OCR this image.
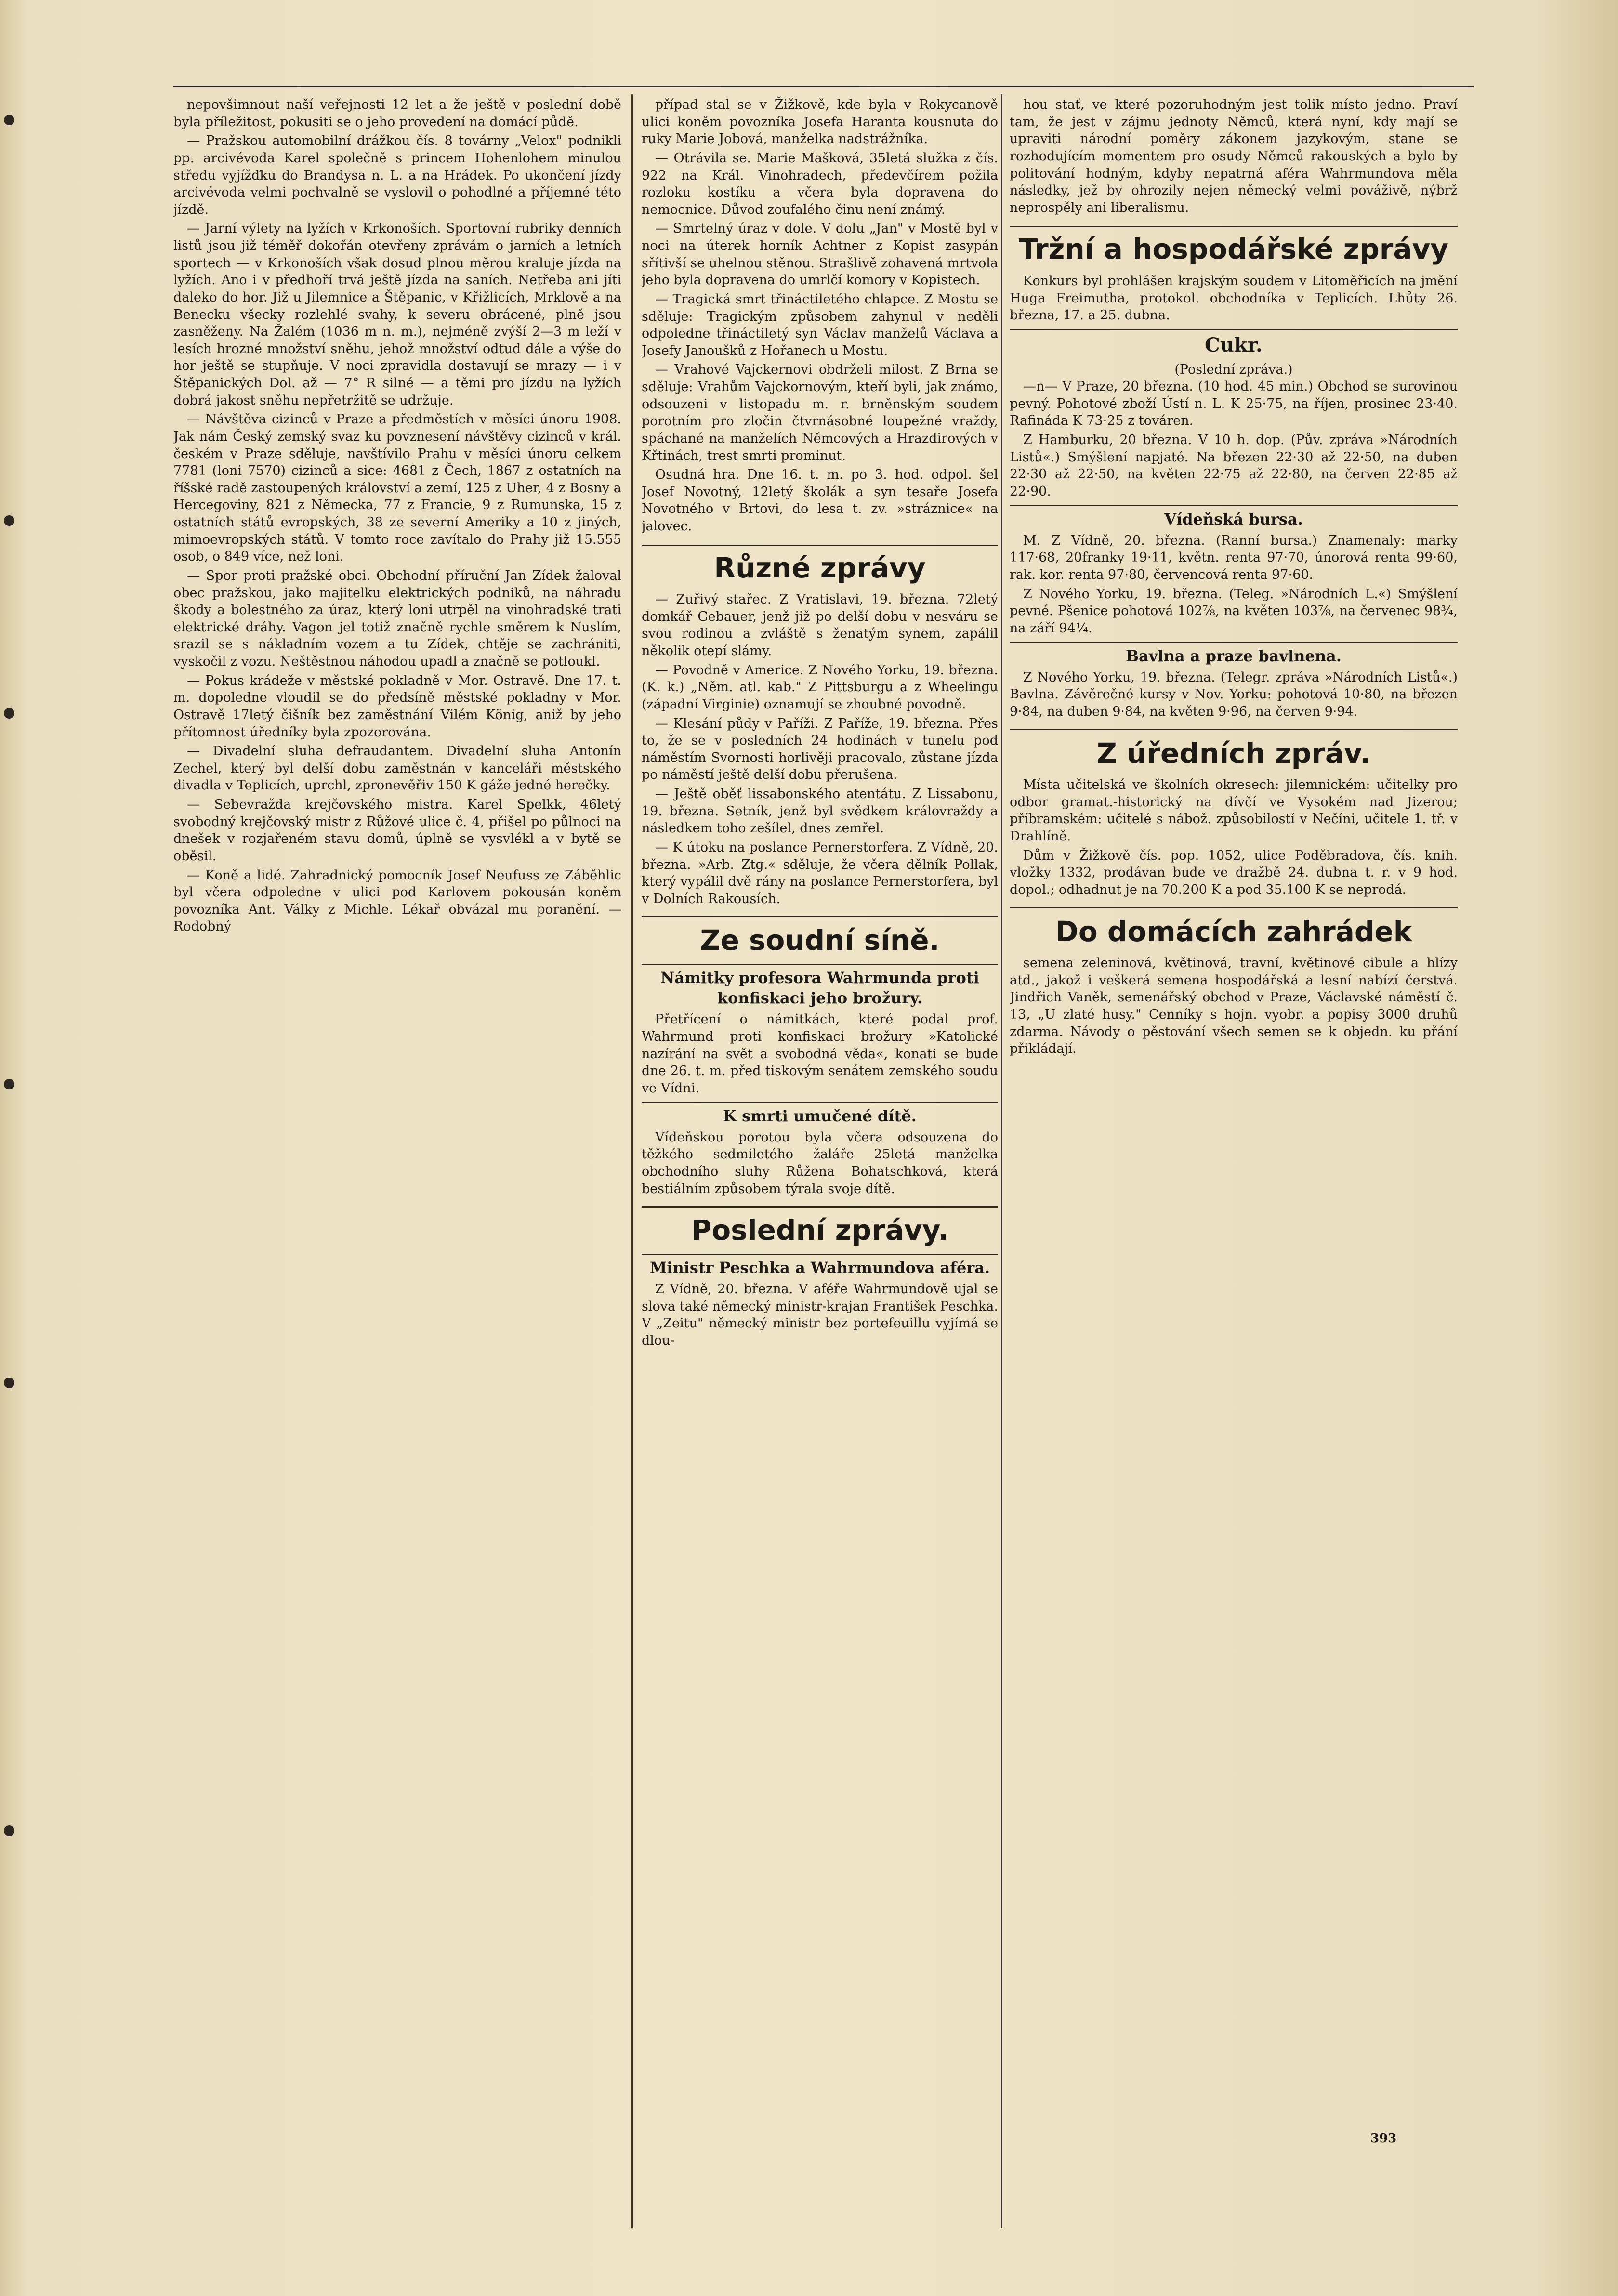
nepovšimnout naší veřejnosti 12 let a že ještě v poslední době byla příležitost, pokusiti se o jeho provedení na domácí půdě.

— Pražskou automobilní drážkou čís. 8 továrny „Velox" podnikli pp. arcivévoda Karel společně s princem Hohenlohem minulou středu vyjížďku do Brandysa n. L. a na Hrádek. Po ukončení jízdy arcivévoda velmi pochvalně se vyslovil o pohodlné a příjemné této jízdě.

— Jarní výlety na lyžích v Krkonoších. Sportovní rubriky denních listů jsou již téměř dokořán otevřeny zprávám o jarních a letních sportech — v Krkonoších však dosud plnou měrou kraluje jízda na lyžích. Ano i v předhoří trvá ještě jízda na saních. Netřeba ani jíti daleko do hor. Již u Jilemnice a Štěpanic, v Křižlicích, Mrklově a na Benecku všecky rozlehlé svahy, k severu obrácené, plně jsou zasněženy. Na Žalém (1036 m n. m.), nejméně zvýší 2—3 m leží v lesích hrozné množství sněhu, jehož množství odtud dále a výše do hor ještě se stupňuje. V noci zpravidla dostavují se mrazy — i v Štěpanických Dol. až — 7° R silné — a těmi pro jízdu na lyžích dobrá jakost sněhu nepřetržitě se udržuje.

— Návštěva cizinců v Praze a předměstích v měsíci únoru 1908. Jak nám Český zemský svaz ku povznesení návštěvy cizinců v král. českém v Praze sděluje, navštívilo Prahu v měsíci únoru celkem 7781 (loni 7570) cizinců a sice: 4681 z Čech, 1867 z ostatních na říšské radě zastoupených království a zemí, 125 z Uher, 4 z Bosny a Hercegoviny, 821 z Německa, 77 z Francie, 9 z Rumunska, 15 z ostatních států evropských, 38 ze severní Ameriky a 10 z jiných, mimoevropských států. V tomto roce zavítalo do Prahy již 15.555 osob, o 849 více, než loni.

— Spor proti pražské obci. Obchodní příruční Jan Zídek žaloval obec pražskou, jako majitelku elektrických podniků, na náhradu škody a bolestného za úraz, který loni utrpěl na vinohradské trati elektrické dráhy. Vagon jel totiž značně rychle směrem k Nuslím, srazil se s nákladním vozem a tu Zídek, chtěje se zachrániti, vyskočil z vozu. Neštěstnou náhodou upadl a značně se potloukl.

— Pokus krádeže v městské pokladně v Mor. Ostravě. Dne 17. t. m. dopoledne vloudil se do předsíně městské pokladny v Mor. Ostravě 17letý čišník bez zaměstnání Vilém König, aniž by jeho přítomnost úředníky byla zpozorována.

— Divadelní sluha defraudantem. Divadelní sluha Antonín Zechel, který byl delší dobu zaměstnán v kanceláři městského divadla v Teplicích, uprchl, zpronevěřiv 150 K gáže jedné herečky.

— Sebevražda krejčovského mistra. Karel Spelkk, 46letý svobodný krejčovský mistr z Růžové ulice č. 4, přišel po půlnoci na dnešek v rozjařeném stavu domů, úplně se vysvlékl a v bytě se oběsil.

— Koně a lidé. Zahradnický pomocník Josef Neufuss ze Záběhlic byl včera odpoledne v ulici pod Karlovem pokousán koněm povozníka Ant. Války z Michle. Lékař obvázal mu poranění. — Rodobný

případ stal se v Žižkově, kde byla v Rokycanově ulici koněm povozníka Josefa Haranta kousnuta do ruky Marie Jobová, manželka nadstrážníka.

— Otrávila se. Marie Mašková, 35letá služka z čís. 922 na Král. Vinohradech, předevčírem požila rozloku kostíku a včera byla dopravena do nemocnice. Důvod zoufalého činu není známý.

— Smrtelný úraz v dole. V dolu „Jan" v Mostě byl v noci na úterek horník Achtner z Kopist zasypán sřítivší se uhelnou stěnou. Strašlivě zohavená mrtvola jeho byla dopravena do umrlčí komory v Kopistech.

— Tragická smrt třináctiletého chlapce. Z Mostu se sděluje: Tragickým způsobem zahynul v neděli odpoledne třináctiletý syn Václav manželů Václava a Josefy Janoušků z Hořanech u Mostu.

— Vrahové Vajckernovi obdrželi milost. Z Brna se sděluje: Vrahům Vajckornovým, kteří byli, jak známo, odsouzeni v listopadu m. r. brněnským soudem porotním pro zločin čtvrnásobné loupežné vraždy, spáchané na manželích Němcových a Hrazdirových v Křtinách, trest smrti prominut.

Osudná hra. Dne 16. t. m. po 3. hod. odpol. šel Josef Novotný, 12letý školák a syn tesaře Josefa Novotného v Brtovi, do lesa t. zv. »stráznice« na jalovec.

Různé zprávy

— Zuřivý stařec. Z Vratislavi, 19. března. 72letý domkář Gebauer, jenž již po delší dobu v nesváru se svou rodinou a zvláště s ženatým synem, zapálil několik otepí slámy.

— Povodně v Americe. Z Nového Yorku, 19. března. (K. k.) „Něm. atl. kab." Z Pittsburgu a z Wheelingu (západní Virginie) oznamují se zhoubné povodně.

— Klesání půdy v Paříži. Z Paříže, 19. března. Přes to, že se v posledních 24 hodinách v tunelu pod náměstím Svornosti horlivěji pracovalo, zůstane jízda po náměstí ještě delší dobu přerušena.

— Ještě oběť lissabonského atentátu. Z Lissabonu, 19. března. Setník, jenž byl svědkem královraždy a následkem toho zešílel, dnes zemřel.

— K útoku na poslance Pernerstorfera. Z Vídně, 20. března. »Arb. Ztg.« sděluje, že včera dělník Pollak, který vypálil dvě rány na poslance Pernerstorfera, byl v Dolních Rakousích.

Ze soudní síně.
Námitky profesora Wahrmunda proti konfiskaci jeho brožury.

Přetřícení o námitkách, které podal prof. Wahrmund proti konfiskaci brožury »Katolické nazírání na svět a svobodná věda«, konati se bude dne 26. t. m. před tiskovým senátem zemského soudu ve Vídni.

K smrti umučené dítě.

Vídeňskou porotou byla včera odsouzena do těžkého sedmiletého žaláře 25letá manželka obchodního sluhy Růžena Bohatschková, která bestiálním způsobem týrala svoje dítě.

Poslední zprávy.
Ministr Peschka a Wahrmundova aféra.

Z Vídně, 20. března. V aféře Wahrmundově ujal se slova také německý ministr-krajan František Peschka. V „Zeitu" německý ministr bez portefeuillu vyjímá se dlou-

hou stať, ve které pozoruhodným jest tolik místo jedno. Praví tam, že jest v zájmu jednoty Němců, která nyní, kdy mají se upraviti národní poměry zákonem jazykovým, stane se rozhodujícím momentem pro osudy Němců rakouských a bylo by politování hodným, kdyby nepatrná aféra Wahrmundova měla následky, jež by ohrozily nejen německý velmi pováživě, nýbrž neprospěly ani liberalismu.

Tržní a hospodářské zprávy

Konkurs byl prohlášen krajským soudem v Litoměřicích na jmění Huga Freimutha, protokol. obchodníka v Teplicích. Lhůty 26. března, 17. a 25. dubna.

Cukr.
(Poslední zpráva.)

—n— V Praze, 20 března. (10 hod. 45 min.) Obchod se surovinou pevný. Pohotové zboží Ústí n. L. K 25·75, na říjen, prosinec 23·40. Rafináda K 73·25 z továren.

Z Hamburku, 20 března. V 10 h. dop. (Pův. zpráva »Národních Listů«.) Smýšlení napjaté. Na březen 22·30 až 22·50, na duben 22·30 až 22·50, na květen 22·75 až 22·80, na červen 22·85 až 22·90.

Vídeňská bursa.

M. Z Vídně, 20. března. (Ranní bursa.) Znamenaly: marky 117·68, 20franky 19·11, květn. renta 97·70, únorová renta 99·60, rak. kor. renta 97·80, červencová renta 97·60.

Z Nového Yorku, 19. března. (Teleg. »Národních L.«) Smýšlení pevné. Pšenice pohotová 102⅞, na květen 103⅞, na červenec 98¾, na září 94¼.

Bavlna a praze bavlnena.

Z Nového Yorku, 19. března. (Telegr. zpráva »Národních Listů«.) Bavlna. Závěrečné kursy v Nov. Yorku: pohotová 10·80, na březen 9·84, na duben 9·84, na květen 9·96, na červen 9·94.

Z úředních zpráv.

Místa učitelská ve školních okresech: jilemnickém: učitelky pro odbor gramat.-historický na dívčí ve Vysokém nad Jizerou; příbramském: učitelé s nábož. způsobilostí v Nečíni, učitele 1. tř. v Drahlíně.

Dům v Žižkově čís. pop. 1052, ulice Poděbradova, čís. knih. vložky 1332, prodávan bude ve dražbě 24. dubna t. r. v 9 hod. dopol.; odhadnut je na 70.200 K a pod 35.100 K se neprodá.

Do domácích zahrádek

semena zeleninová, květinová, travní, květinové cibule a hlízy atd., jakož i veškerá semena hospodářská a lesní nabízí čerstvá. Jindřich Vaněk, semenářský obchod v Praze, Václavské náměstí č. 13, „U zlaté husy." Cenníky s hojn. vyobr. a popisy 3000 druhů zdarma. Návody o pěstování všech semen se k objedn. ku přání přikládají.

393
